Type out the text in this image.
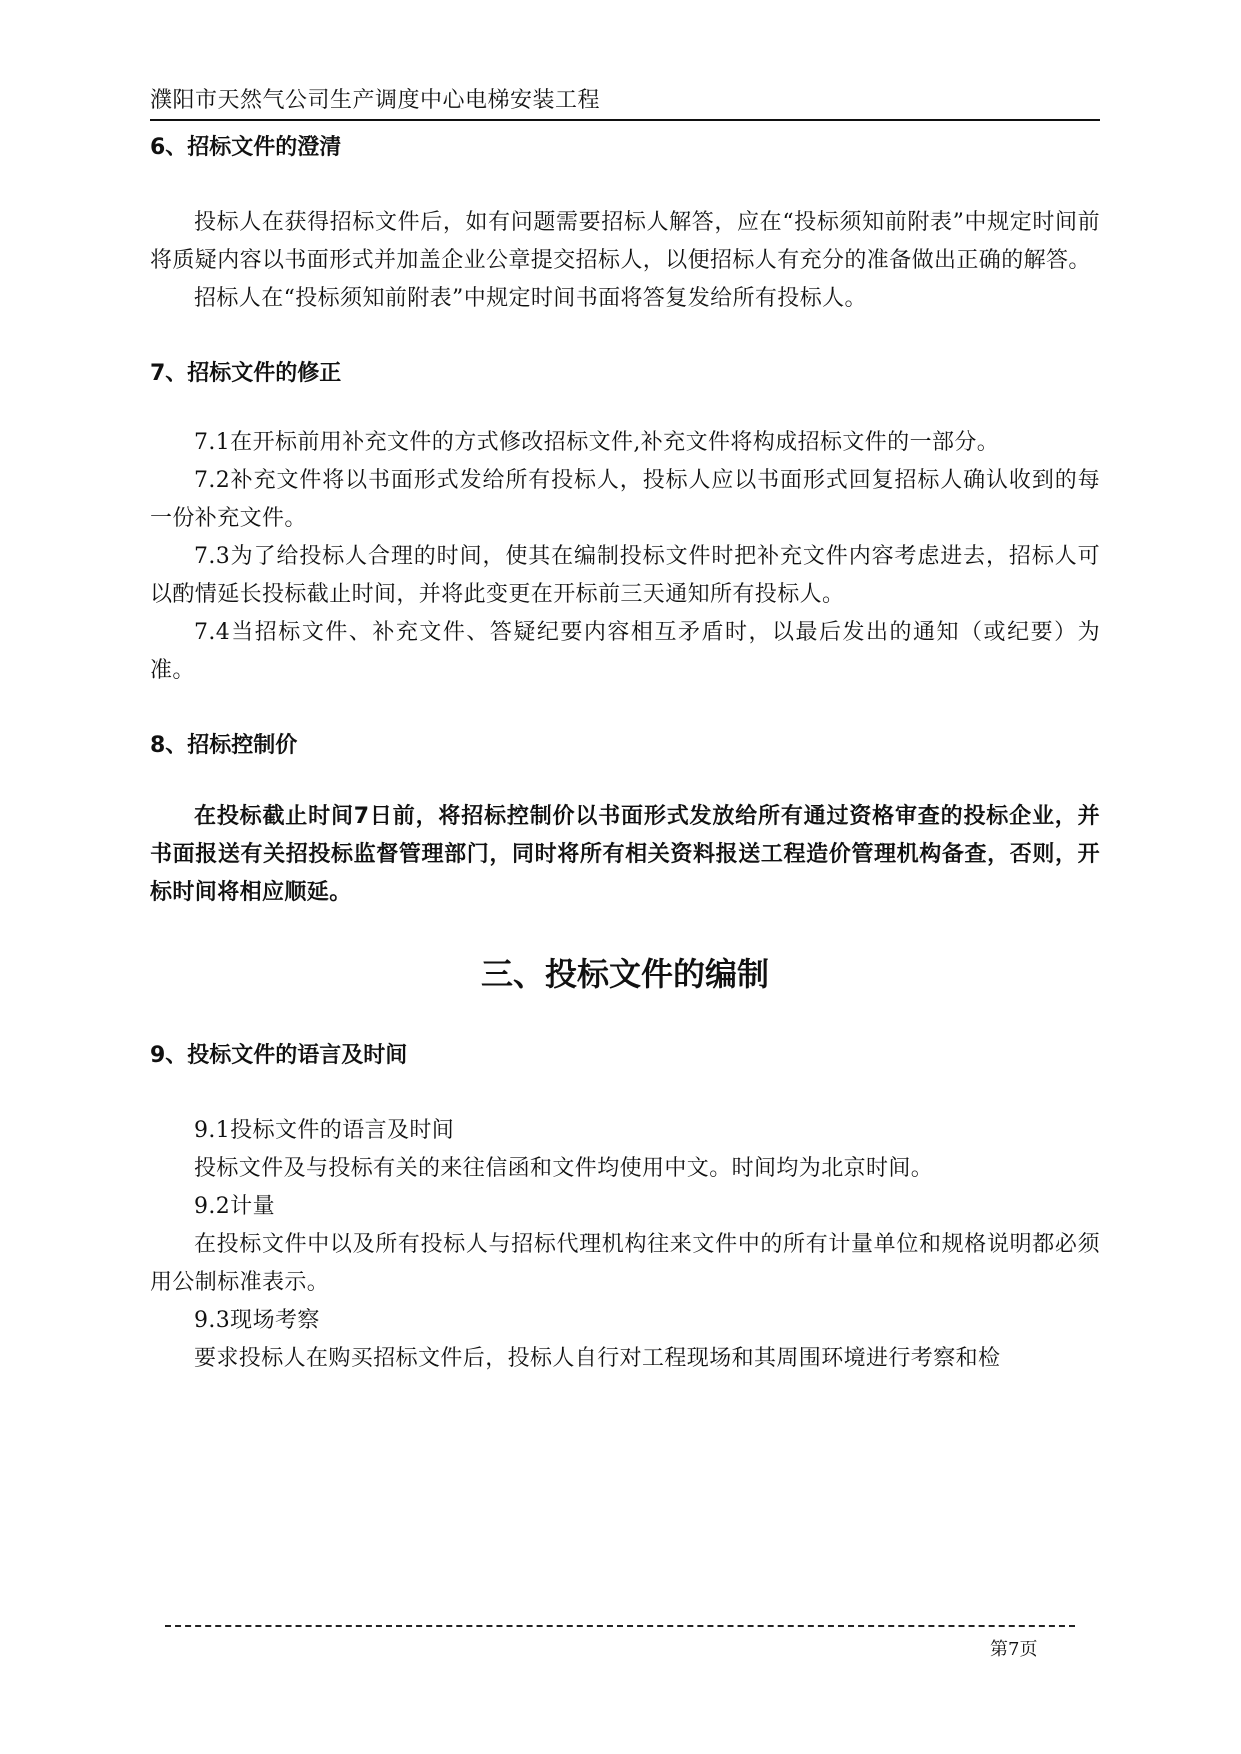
濮阳市天然气公司生产调度中心电梯安装工程
6、招标文件的澄清

投标人在获得招标文件后，如有问题需要招标人解答，应在“投标须知前附表”中规定时间前将质疑内容以书面形式并加盖企业公章提交招标人，以便招标人有充分的准备做出正确的解答。

招标人在“投标须知前附表”中规定时间书面将答复发给所有投标人。

7、招标文件的修正

7.1在开标前用补充文件的方式修改招标文件,补充文件将构成招标文件的一部分。

7.2补充文件将以书面形式发给所有投标人，投标人应以书面形式回复招标人确认收到的每一份补充文件。

7.3为了给投标人合理的时间，使其在编制投标文件时把补充文件内容考虑进去，招标人可以酌情延长投标截止时间，并将此变更在开标前三天通知所有投标人。

7.4当招标文件、补充文件、答疑纪要内容相互矛盾时，以最后发出的通知（或纪要）为准。

8、招标控制价

在投标截止时间7日前，将招标控制价以书面形式发放给所有通过资格审查的投标企业，并书面报送有关招投标监督管理部门，同时将所有相关资料报送工程造价管理机构备查，否则，开标时间将相应顺延。

三、投标文件的编制
9、投标文件的语言及时间

9.1投标文件的语言及时间

投标文件及与投标有关的来往信函和文件均使用中文。时间均为北京时间。

9.2计量

在投标文件中以及所有投标人与招标代理机构往来文件中的所有计量单位和规格说明都必须用公制标准表示。

9.3现场考察

要求投标人在购买招标文件后，投标人自行对工程现场和其周围环境进行考察和检

第7页
